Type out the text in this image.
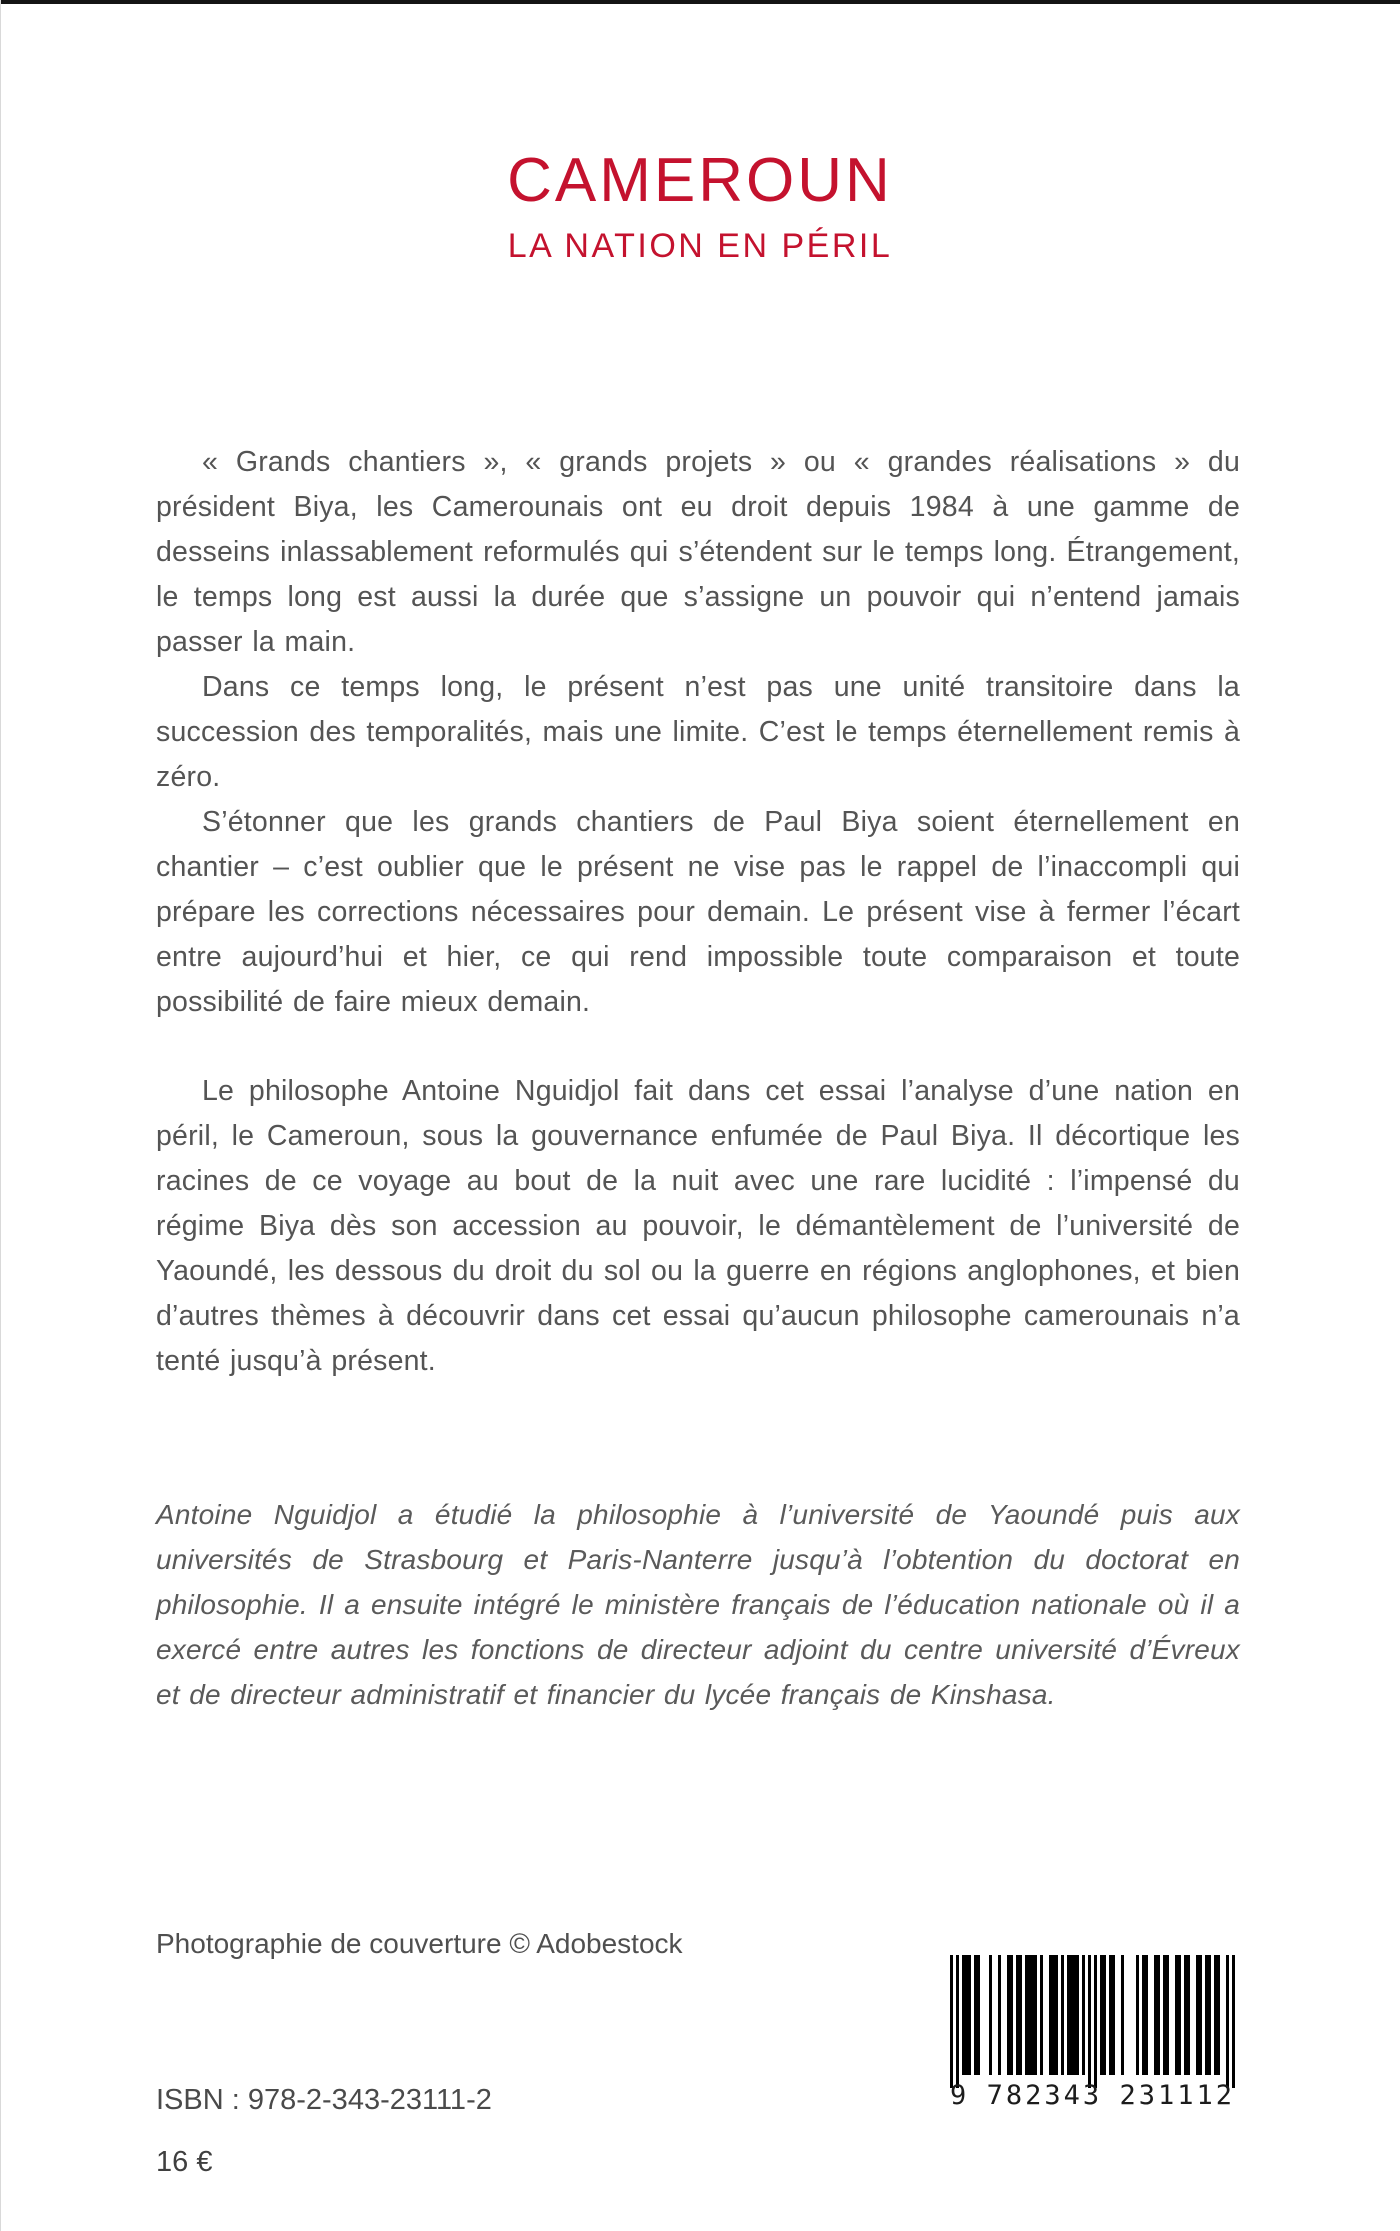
CAMEROUN
LA NATION EN PÉRIL

« Grands chantiers », « grands projets » ou « grandes réalisations » du président Biya, les Camerounais ont eu droit depuis 1984 à une gamme de desseins inlassablement reformulés qui s’étendent sur le temps long. Étrangement, le temps long est aussi la durée que s’assigne un pouvoir qui n’entend jamais passer la main.

Dans ce temps long, le présent n’est pas une unité transitoire dans la succession des temporalités, mais une limite. C’est le temps éternellement remis à zéro.

S’étonner que les grands chantiers de Paul Biya soient éternellement en chantier – c’est oublier que le présent ne vise pas le rappel de l’inaccompli qui prépare les corrections nécessaires pour demain. Le présent vise à fermer l’écart entre aujourd’hui et hier, ce qui rend impossible toute comparaison et toute possibilité de faire mieux demain.

Le philosophe Antoine Nguidjol fait dans cet essai l’analyse d’une nation en péril, le Cameroun, sous la gouvernance enfumée de Paul Biya. Il décortique les racines de ce voyage au bout de la nuit avec une rare lucidité : l’impensé du régime Biya dès son accession au pouvoir, le démantèlement de l’université de Yaoundé, les dessous du droit du sol ou la guerre en régions anglophones, et bien d’autres thèmes à découvrir dans cet essai qu’aucun philosophe camerounais n’a tenté jusqu’à présent.

Antoine Nguidjol a étudié la philosophie à l’université de Yaoundé puis aux universités de Strasbourg et Paris-Nanterre jusqu’à l’obtention du doctorat en philosophie. Il a ensuite intégré le ministère français de l’éducation nationale où il a exercé entre autres les fonctions de directeur adjoint du centre université d’Évreux et de directeur administratif et financier du lycée français de Kinshasa.
Photographie de couverture © Adobestock
ISBN : 978-2-343-23111-2
16 €
9 782343 231112
